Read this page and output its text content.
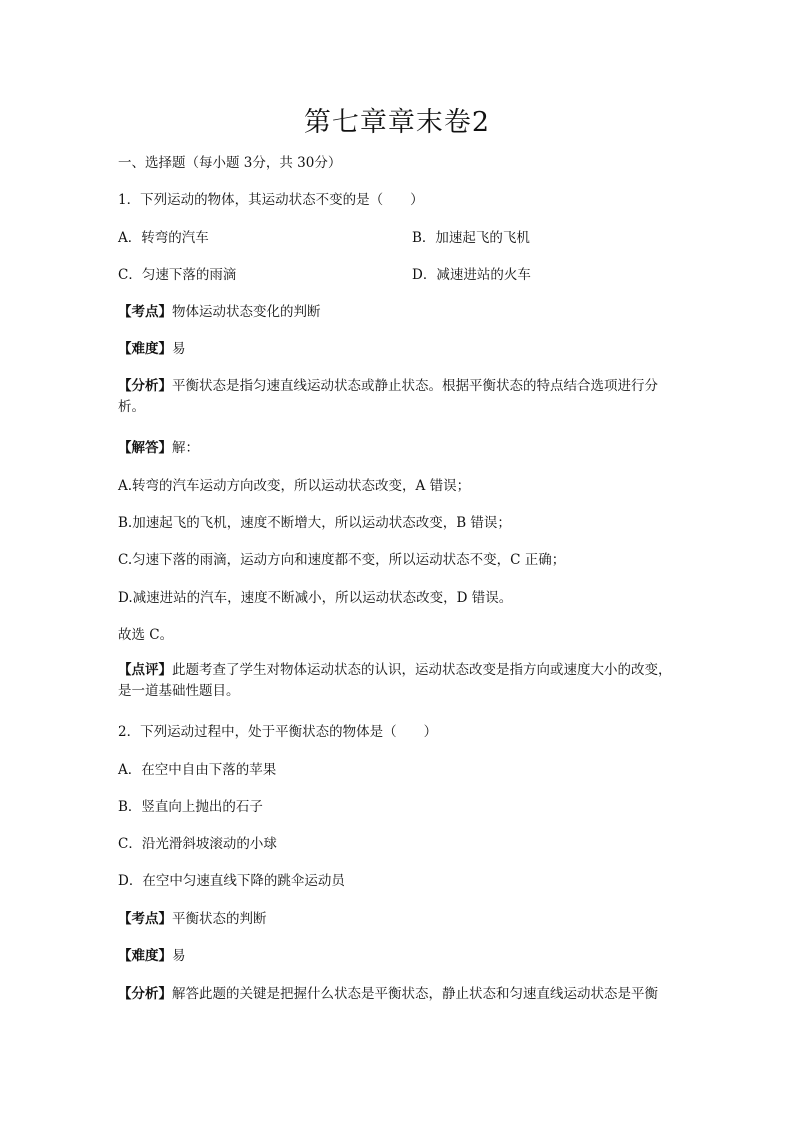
第七章章末卷2
一、选择题（每小题 3分，共 30分）
1．下列运动的物体，其运动状态不变的是（　　）
A．转弯的汽车	B．加速起飞的飞机
C．匀速下落的雨滴	D．减速进站的火车
【考点】物体运动状态变化的判断
【难度】易
【分析】平衡状态是指匀速直线运动状态或静止状态。根据平衡状态的特点结合选项进行分析。
【解答】解：
A.转弯的汽车运动方向改变，所以运动状态改变，A 错误；
B.加速起飞的飞机，速度不断增大，所以运动状态改变，B 错误；
C.匀速下落的雨滴，运动方向和速度都不变，所以运动状态不变，C 正确；
D.减速进站的汽车，速度不断减小，所以运动状态改变，D 错误。
故选 C。
【点评】此题考查了学生对物体运动状态的认识，运动状态改变是指方向或速度大小的改变，是一道基础性题目。
2．下列运动过程中，处于平衡状态的物体是（　　）
A．在空中自由下落的苹果
B．竖直向上抛出的石子
C．沿光滑斜坡滚动的小球
D．在空中匀速直线下降的跳伞运动员
【考点】平衡状态的判断
【难度】易
【分析】解答此题的关键是把握什么状态是平衡状态，静止状态和匀速直线运动状态是平衡
